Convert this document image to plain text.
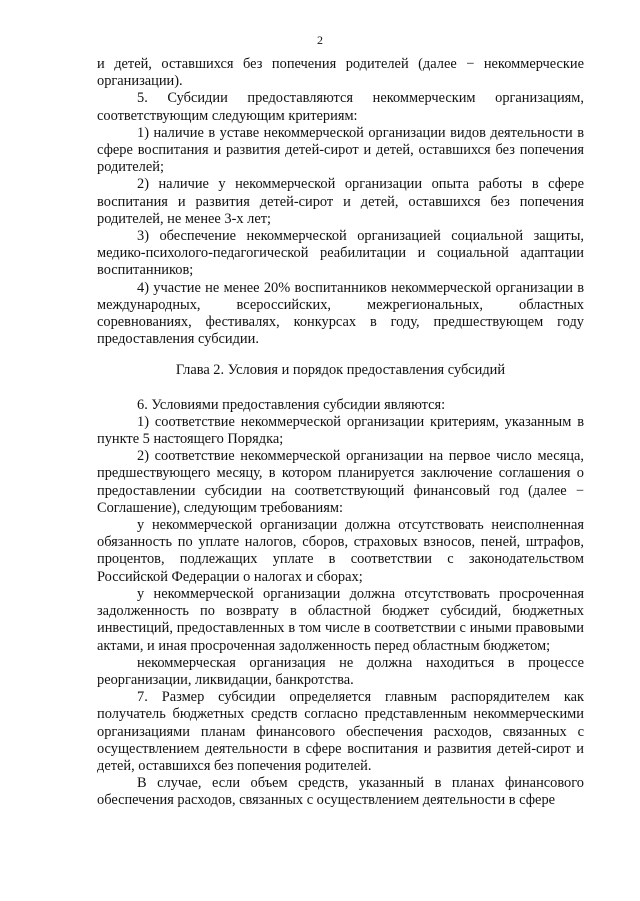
2

и детей, оставшихся без попечения родителей (далее − некоммерческие организации).

5. Субсидии предоставляются некоммерческим организациям, соответствующим следующим критериям:

1) наличие в уставе некоммерческой организации видов деятельности в сфере воспитания и развития детей-сирот и детей, оставшихся без попечения родителей;

2) наличие у некоммерческой организации опыта работы в сфере воспитания и развития детей-сирот и детей, оставшихся без попечения родителей, не менее 3-х лет;

3) обеспечение некоммерческой организацией социальной защиты, медико-психолого-педагогической реабилитации и социальной адаптации воспитанников;

4) участие не менее 20% воспитанников некоммерческой организации в международных, всероссийских, межрегиональных, областных соревнованиях, фестивалях, конкурсах в году, предшествующем году предоставления субсидии.

Глава 2. Условия и порядок предоставления субсидий

6. Условиями предоставления субсидии являются:

1) соответствие некоммерческой организации критериям, указанным в пункте 5 настоящего Порядка;

2) соответствие некоммерческой организации на первое число месяца, предшествующего месяцу, в котором планируется заключение соглашения о предоставлении субсидии на соответствующий финансовый год (далее − Соглашение), следующим требованиям:

у некоммерческой организации должна отсутствовать неисполненная обязанность по уплате налогов, сборов, страховых взносов, пеней, штрафов, процентов, подлежащих уплате в соответствии с законодательством Российской Федерации о налогах и сборах;

у некоммерческой организации должна отсутствовать просроченная задолженность по возврату в областной бюджет субсидий, бюджетных инвестиций, предоставленных в том числе в соответствии с иными правовыми актами, и иная просроченная задолженность перед областным бюджетом;

некоммерческая организация не должна находиться в процессе реорганизации, ликвидации, банкротства.

7. Размер субсидии определяется главным распорядителем как получатель бюджетных средств согласно представленным некоммерческими организациями планам финансового обеспечения расходов, связанных с осуществлением деятельности в сфере воспитания и развития детей-сирот и детей, оставшихся без попечения родителей.

В случае, если объем средств, указанный в планах финансового обеспечения расходов, связанных с осуществлением деятельности в сфере
